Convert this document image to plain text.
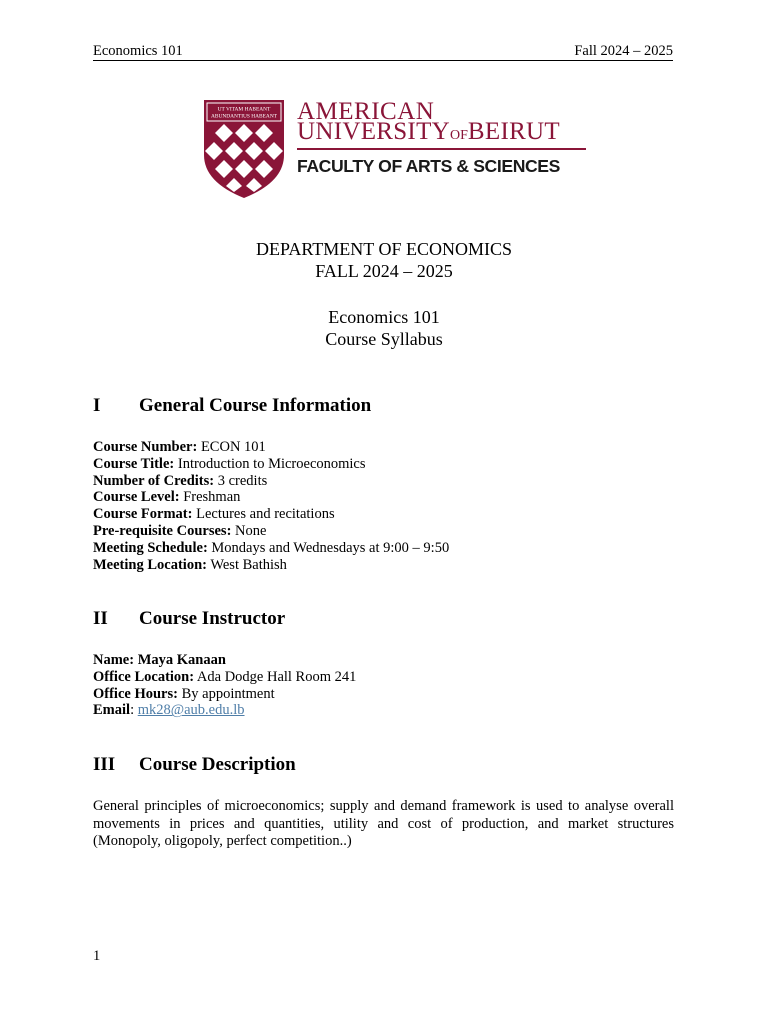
Economics 101	Fall 2024 – 2025
UT VITAM HABEANT
ABUNDANTIUS HABEANT AMERICAN
UNIVERSITYOFBEIRUT
FACULTY OF ARTS & SCIENCES
DEPARTMENT OF ECONOMICS
FALL 2024 – 2025
Economics 101
Course Syllabus
I General Course Information
Course Number: ECON 101
Course Title: Introduction to Microeconomics
Number of Credits: 3 credits
Course Level: Freshman
Course Format: Lectures and recitations
Pre-requisite Courses: None
Meeting Schedule: Mondays and Wednesdays at 9:00 – 9:50
Meeting Location: West Bathish
II Course Instructor
Name: Maya Kanaan
Office Location: Ada Dodge Hall Room 241
Office Hours: By appointment
Email: mk28@aub.edu.lb
III Course Description
General principles of microeconomics; supply and demand framework is used to analyse overall movements in prices and quantities, utility and cost of production, and market structures (Monopoly, oligopoly, perfect competition..)
1
